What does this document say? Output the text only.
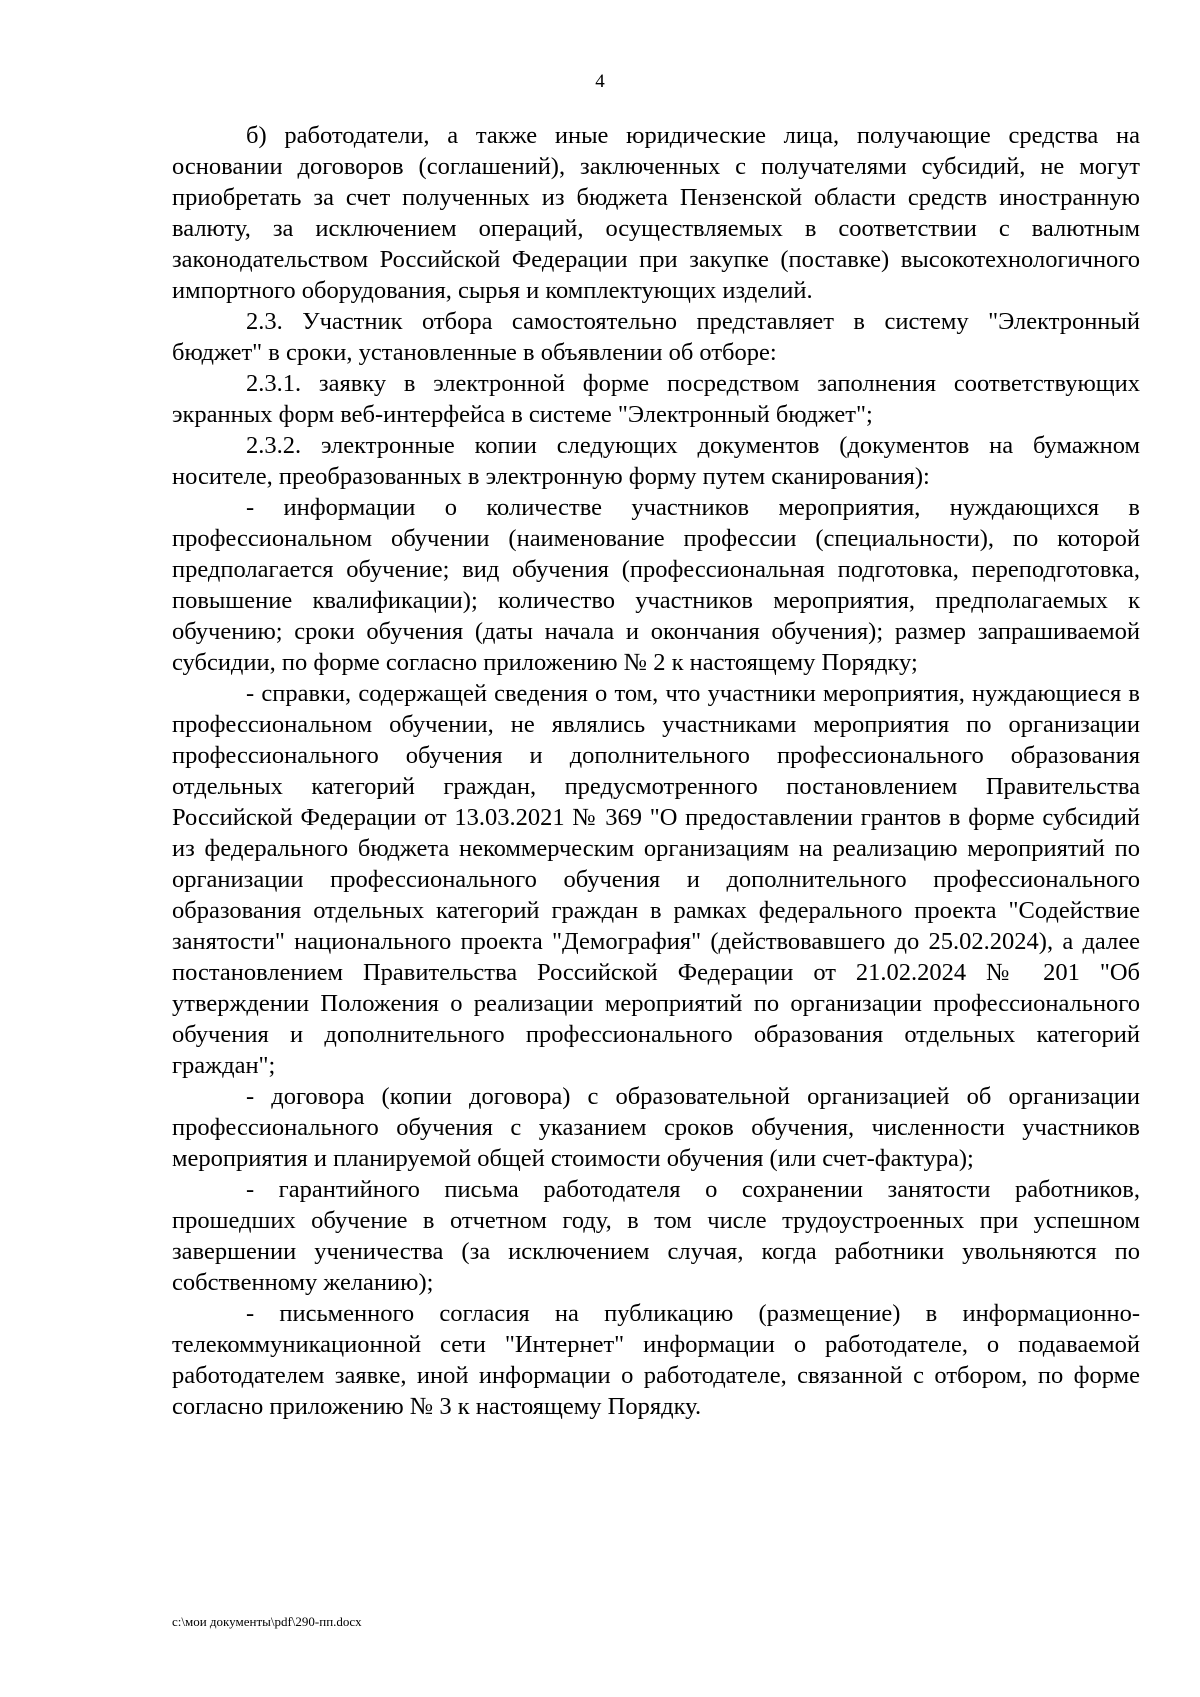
4

б) работодатели, а также иные юридические лица, получающие средства на основании договоров (соглашений), заключенных с получателями субсидий, не могут приобретать за счет полученных из бюджета Пензенской области средств иностранную валюту, за исключением операций, осуществляемых в соответствии с валютным законодательством Российской Федерации при закупке (поставке) высокотехнологичного импортного оборудования, сырья и комплектующих изделий.

2.3. Участник отбора самостоятельно представляет в систему "Электронный бюджет" в сроки, установленные в объявлении об отборе:

2.3.1. заявку в электронной форме посредством заполнения соответствующих экранных форм веб-интерфейса в системе "Электронный бюджет";

2.3.2. электронные копии следующих документов (документов на бумажном носителе, преобразованных в электронную форму путем сканирования):

- информации о количестве участников мероприятия, нуждающихся в профессиональном обучении (наименование профессии (специальности), по которой предполагается обучение; вид обучения (профессиональная подготовка, переподготовка, повышение квалификации); количество участников мероприятия, предполагаемых к обучению; сроки обучения (даты начала и окончания обучения); размер запрашиваемой субсидии, по форме согласно приложению № 2 к настоящему Порядку;

- справки, содержащей сведения о том, что участники мероприятия, нуждающиеся в профессиональном обучении, не являлись участниками мероприятия по организации профессионального обучения и дополнительного профессионального образования отдельных категорий граждан, предусмотренного постановлением Правительства Российской Федерации от 13.03.2021 № 369 "О предоставлении грантов в форме субсидий из федерального бюджета некоммерческим организациям на реализацию мероприятий по организации профессионального обучения и дополнительного профессионального образования отдельных категорий граждан в рамках федерального проекта "Содействие занятости" национального проекта "Демография" (действовавшего до 25.02.2024), а далее постановлением Правительства Российской Федерации от 21.02.2024 № 201 "Об утверждении Положения о реализации мероприятий по организации профессионального обучения и дополнительного профессионального образования отдельных категорий граждан";

- договора (копии договора) с образовательной организацией об организации профессионального обучения с указанием сроков обучения, численности участников мероприятия и планируемой общей стоимости обучения (или счет-фактура);

- гарантийного письма работодателя о сохранении занятости работников, прошедших обучение в отчетном году, в том числе трудоустроенных при успешном завершении ученичества (за исключением случая, когда работники увольняются по собственному желанию);

- письменного согласия на публикацию (размещение) в информационно-телекоммуникационной сети "Интернет" информации о работодателе, о подаваемой работодателем заявке, иной информации о работодателе, связанной с отбором, по форме согласно приложению № 3 к настоящему Порядку.

c:\мои документы\pdf\290-пп.docx
